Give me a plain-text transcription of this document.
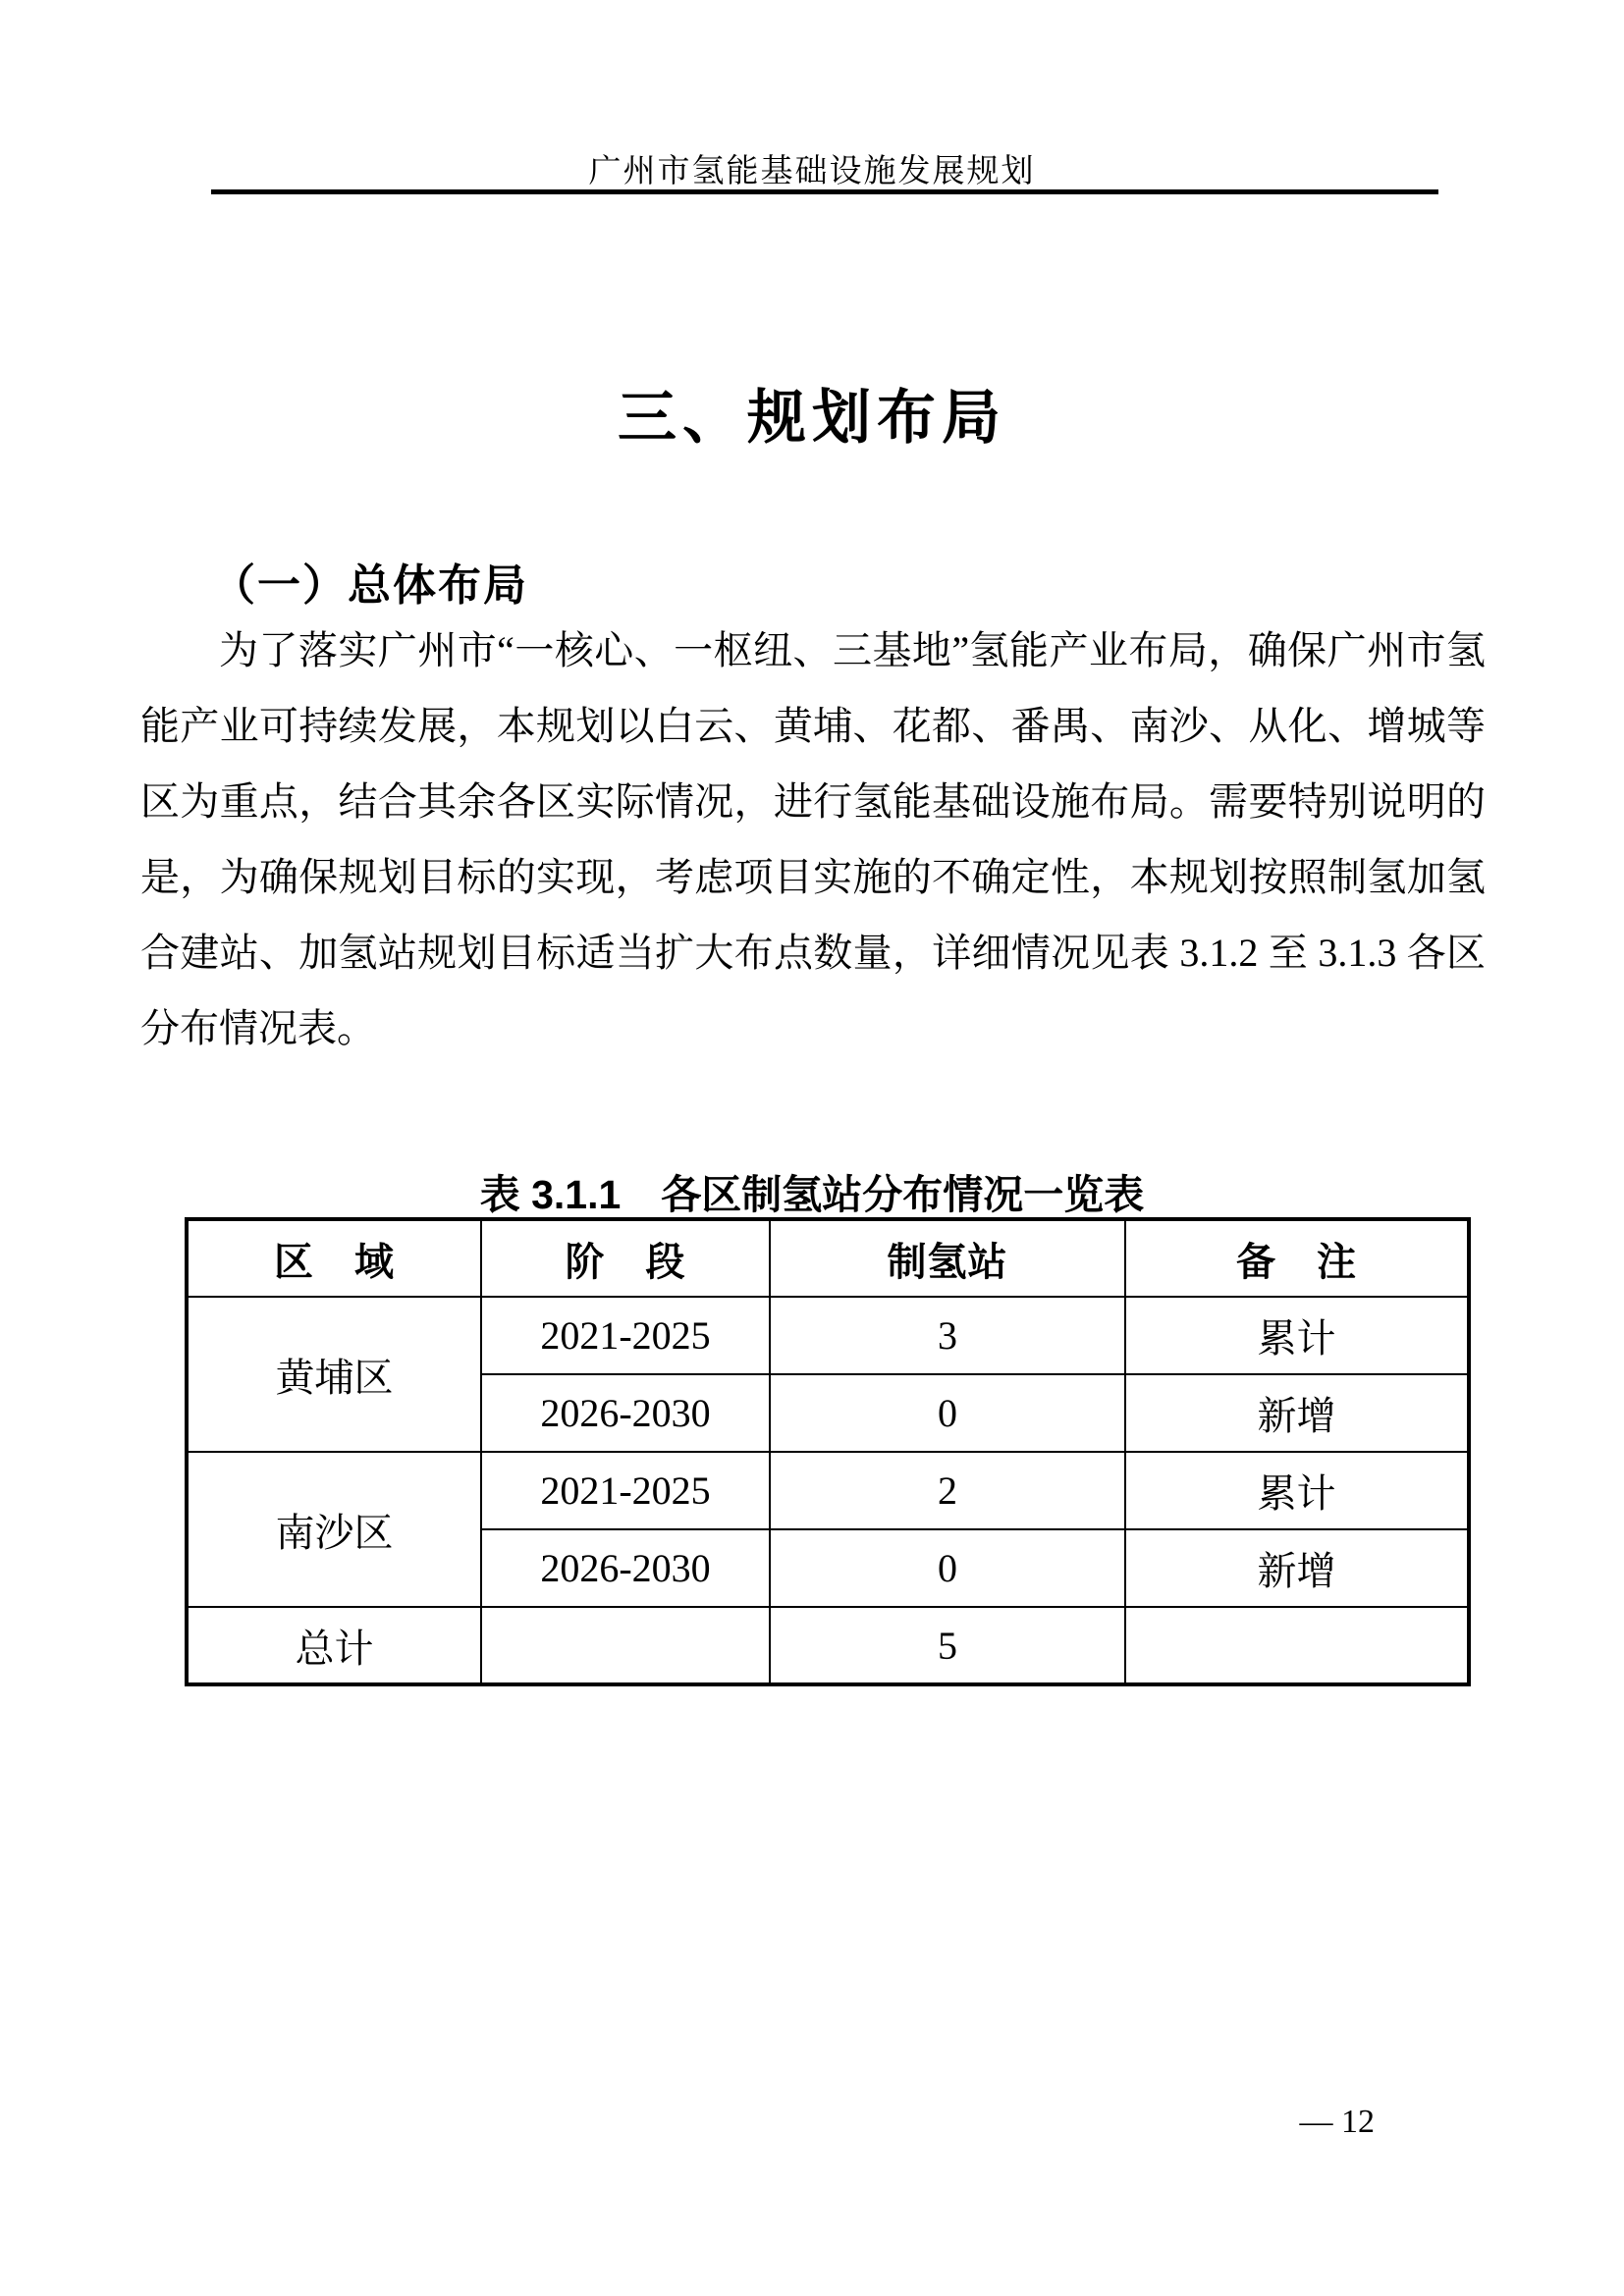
广州市氢能基础设施发展规划
三、规划布局
（一）总体布局

为了落实广州市“一核心、一枢纽、三基地”氢能产业布局，确保广州市氢能产业可持续发展，本规划以白云、黄埔、花都、番禺、南沙、从化、增城等区为重点，结合其余各区实际情况，进行氢能基础设施布局。需要特别说明的是，为确保规划目标的实现，考虑项目实施的不确定性，本规划按照制氢加氢合建站、加氢站规划目标适当扩大布点数量，详细情况见表 3.1.2 至 3.1.3 各区分布情况表。

表 3.1.1　各区制氢站分布情况一览表
区　域	阶　段	制氢站	备　注
黄埔区	2021-2025	3	累计
	2026-2030	0	新增
南沙区	2021-2025	2	累计
	2026-2030	0	新增
总计		5	
— 12
